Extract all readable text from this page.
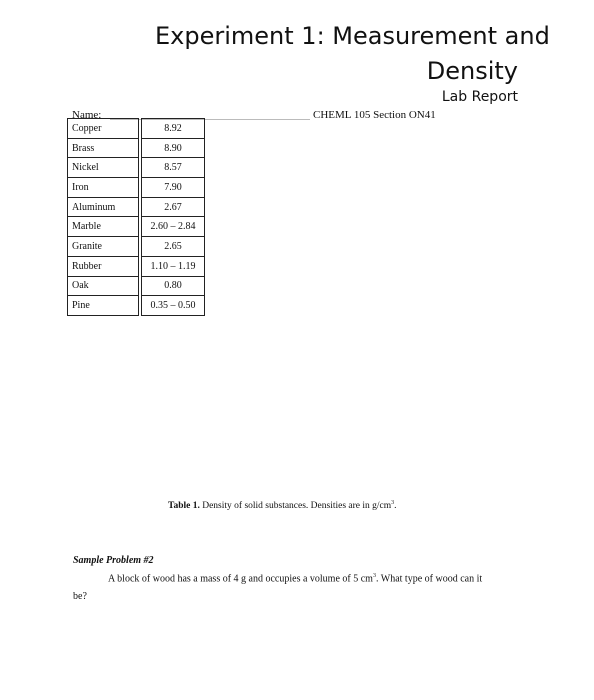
Experiment 1: Measurement and
Density
Lab Report
Name:	CHEML 105 Section ON41
Copper		8.92
Brass		8.90
Nickel		8.57
Iron		7.90
Aluminum		2.67
Marble		2.60 – 2.84
Granite		2.65
Rubber		1.10 – 1.19
Oak		0.80
Pine		0.35 – 0.50
Table 1. Density of solid substances. Densities are in $g/cm^3$.
Sample Problem #2
A block of wood has a mass of 4 g and occupies a volume of 5 $cm^3$. What type of wood can it
be?
